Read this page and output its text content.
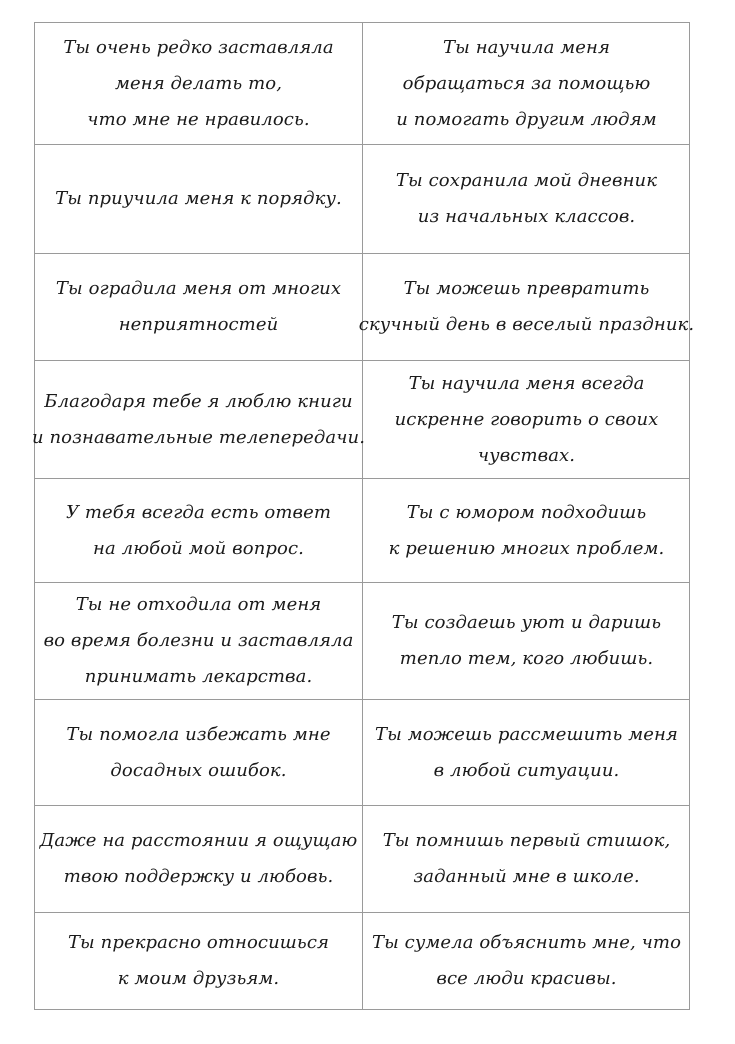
Ты очень редко заставляла
меня делать то,
что мне не нравилось.
Ты научила меня
обращаться за помощью
и помогать другим людям
Ты приучила меня к порядку.
Ты сохранила мой дневник
из начальных классов.
Ты оградила меня от многих
неприятностей
Ты можешь превратить
скучный день в веселый праздник.
Благодаря тебе я люблю книги
и познавательные телепередачи.
Ты научила меня всегда
искренне говорить о своих
чувствах.
У тебя всегда есть ответ
на любой мой вопрос.
Ты с юмором подходишь
к решению многих проблем.
Ты не отходила от меня
во время болезни и заставляла
принимать лекарства.
Ты создаешь уют и даришь
тепло тем, кого любишь.
Ты помогла избежать мне
досадных ошибок.
Ты можешь рассмешить меня
в любой ситуации.
Даже на расстоянии я ощущаю
твою поддержку и любовь.
Ты помнишь первый стишок,
заданный мне в школе.
Ты прекрасно относишься
к моим друзьям.
Ты сумела объяснить мне, что
все люди красивы.
